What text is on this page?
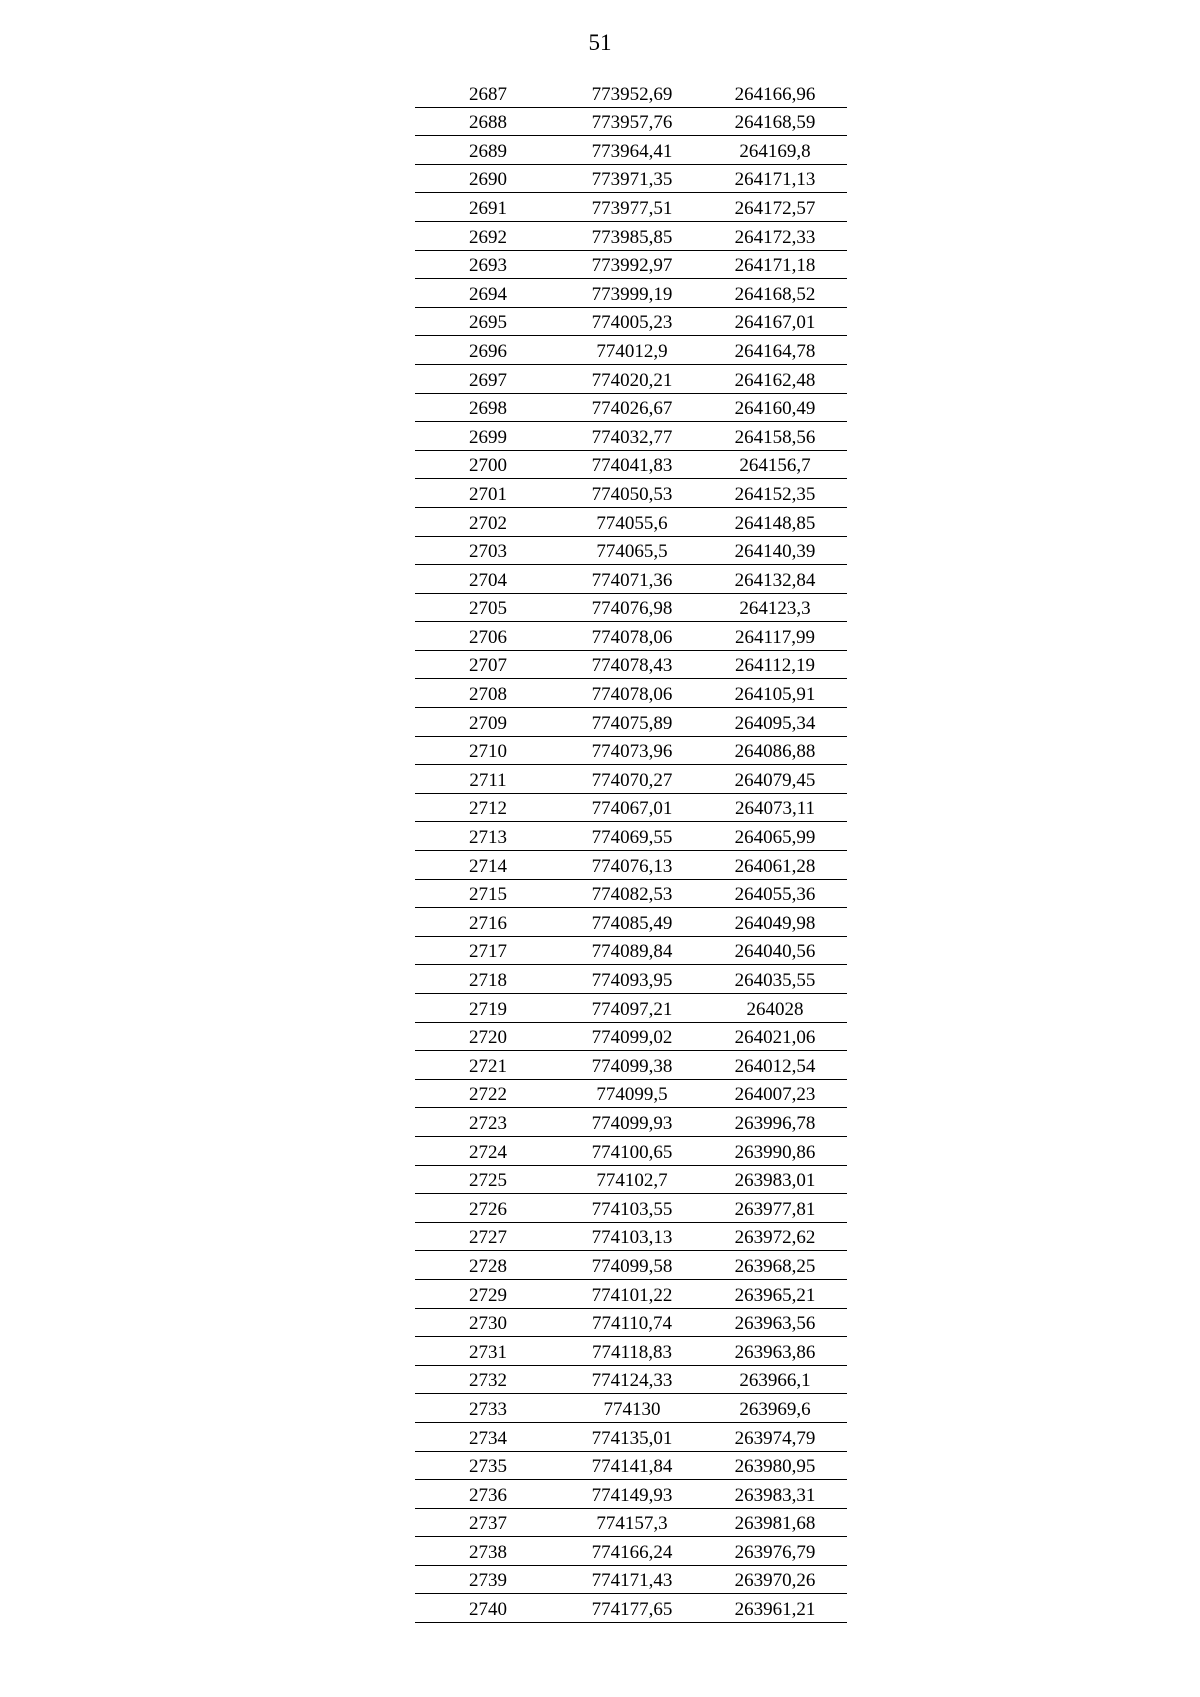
51
2687	773952,69	264166,96
2688	773957,76	264168,59
2689	773964,41	264169,8
2690	773971,35	264171,13
2691	773977,51	264172,57
2692	773985,85	264172,33
2693	773992,97	264171,18
2694	773999,19	264168,52
2695	774005,23	264167,01
2696	774012,9	264164,78
2697	774020,21	264162,48
2698	774026,67	264160,49
2699	774032,77	264158,56
2700	774041,83	264156,7
2701	774050,53	264152,35
2702	774055,6	264148,85
2703	774065,5	264140,39
2704	774071,36	264132,84
2705	774076,98	264123,3
2706	774078,06	264117,99
2707	774078,43	264112,19
2708	774078,06	264105,91
2709	774075,89	264095,34
2710	774073,96	264086,88
2711	774070,27	264079,45
2712	774067,01	264073,11
2713	774069,55	264065,99
2714	774076,13	264061,28
2715	774082,53	264055,36
2716	774085,49	264049,98
2717	774089,84	264040,56
2718	774093,95	264035,55
2719	774097,21	264028
2720	774099,02	264021,06
2721	774099,38	264012,54
2722	774099,5	264007,23
2723	774099,93	263996,78
2724	774100,65	263990,86
2725	774102,7	263983,01
2726	774103,55	263977,81
2727	774103,13	263972,62
2728	774099,58	263968,25
2729	774101,22	263965,21
2730	774110,74	263963,56
2731	774118,83	263963,86
2732	774124,33	263966,1
2733	774130	263969,6
2734	774135,01	263974,79
2735	774141,84	263980,95
2736	774149,93	263983,31
2737	774157,3	263981,68
2738	774166,24	263976,79
2739	774171,43	263970,26
2740	774177,65	263961,21
